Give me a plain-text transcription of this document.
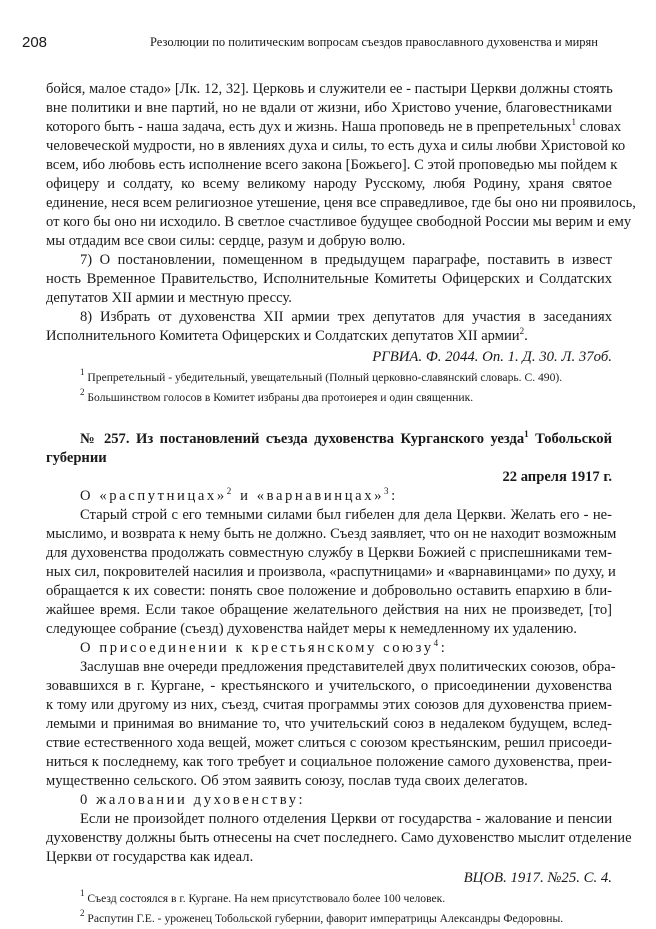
208	Резолюции по политическим вопросам съездов православного духовенства и мирян
бойся, малое стадо» [Лк. 12, 32]. Церковь и служители ее - пастыри Церкви должны стоять
вне политики и вне партий, но не вдали от жизни, ибо Христово учение, благовестниками
которого быть - наша задача, есть дух и жизнь. Наша проповедь не в препретельных$^1$ словах
человеческой мудрости, но в явлениях духа и силы, то есть духа и силы любви Христовой ко
всем, ибо любовь есть исполнение всего закона [Божьего]. С этой проповедью мы пойдем к
офицеру и солдату, ко всему великому народу Русскому, любя Родину, храня святое
единение, неся всем религиозное утешение, ценя все справедливое, где бы оно ни проявилось,
от кого бы оно ни исходило. В светлое счастливое будущее свободной России мы верим и ему
мы отдадим все свои силы: сердце, разум и добрую волю.
7) О постановлении, помещенном в предыдущем параграфе, поставить в извест
ность Временное Правительство, Исполнительные Комитеты Офицерских и Солдатских
депутатов XII армии и местную прессу.
8) Избрать от духовенства XII армии трех депутатов для участия в заседаниях
Исполнительного Комитета Офицерских и Солдатских депутатов XII армии$^2$.
РГВИА. Ф. 2044. Оп. 1. Д. 30. Л. 37об.
$^1$ Препретельный - убедительный, увещательный (Полный церковно-славянский словарь. С. 490).
$^2$ Большинством голосов в Комитет избраны два протоиерея и один священник.
№ 257. Из постановлений съезда духовенства Курганского уезда$^1$ Тобольской
губернии
22 апреля 1917 г.
О «распутницах»$^2$ и «варнавинцах»$^3$:
Старый строй с его темными силами был гибелен для дела Церкви. Желать его - не-
мыслимо, и возврата к нему быть не должно. Съезд заявляет, что он не находит возможным
для духовенства продолжать совместную службу в Церкви Божией с приспешниками тем-
ных сил, покровителей насилия и произвола, «распутницами» и «варнавинцами» по духу, и
обращается к их совести: понять свое положение и добровольно оставить епархию в бли-
жайшее время. Если такое обращение желательного действия на них не произведет, [то]
следующее собрание (съезд) духовенства найдет меры к немедленному их удалению.
О присоединении к крестьянскому союзу$^4$:
Заслушав вне очереди предложения представителей двух политических союзов, обра-
зовавшихся в г. Кургане, - крестьянского и учительского, о присоединении духовенства
к тому или другому из них, съезд, считая программы этих союзов для духовенства прием-
лемыми и принимая во внимание то, что учительский союз в недалеком будущем, вслед-
ствие естественного хода вещей, может слиться с союзом крестьянским, решил присоеди-
ниться к последнему, как того требует и социальное положение самого духовенства, преи-
мущественно сельского. Об этом заявить союзу, послав туда своих делегатов.
0 жаловании духовенству:
Если не произойдет полного отделения Церкви от государства - жалование и пенсии
духовенству должны быть отнесены на счет последнего. Само духовенство мыслит отделение
Церкви от государства как идеал.
ВЦОВ. 1917. №25. С. 4.
$^1$ Съезд состоялся в г. Кургане. На нем присутствовало более 100 человек.
$^2$ Распутин Г.Е. - уроженец Тобольской губернии, фаворит императрицы Александры Федоровны.
